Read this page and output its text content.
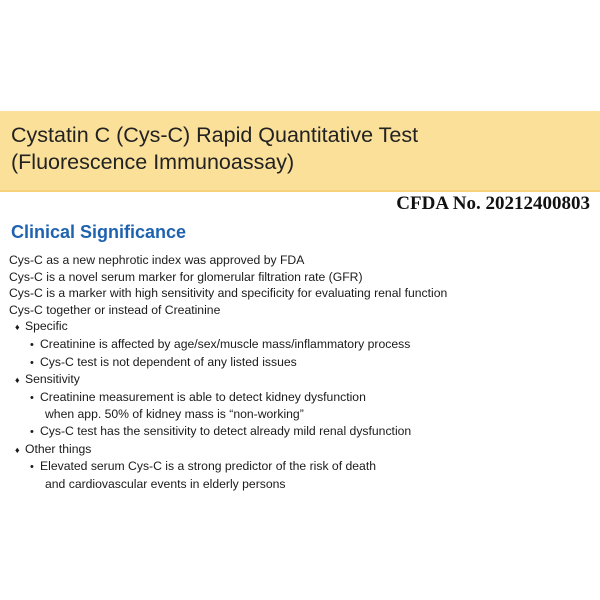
Cystatin C (Cys-C) Rapid Quantitative Test
(Fluorescence Immunoassay)
CFDA No. 20212400803
Clinical Significance
Cys-C as a new nephrotic index was approved by FDA
Cys-C is a novel serum marker for glomerular filtration rate (GFR)
Cys-C is a marker with high sensitivity and specificity for evaluating renal function
Cys-C together or instead of Creatinine
♦ Specific
• Creatinine is affected by age/sex/muscle mass/inflammatory process
• Cys-C test is not dependent of any listed issues
♦ Sensitivity
• Creatinine measurement is able to detect kidney dysfunction
when app. 50% of kidney mass is “non-working”
• Cys-C test has the sensitivity to detect already mild renal dysfunction
♦ Other things
• Elevated serum Cys-C is a strong predictor of the risk of death
and cardiovascular events in elderly persons
